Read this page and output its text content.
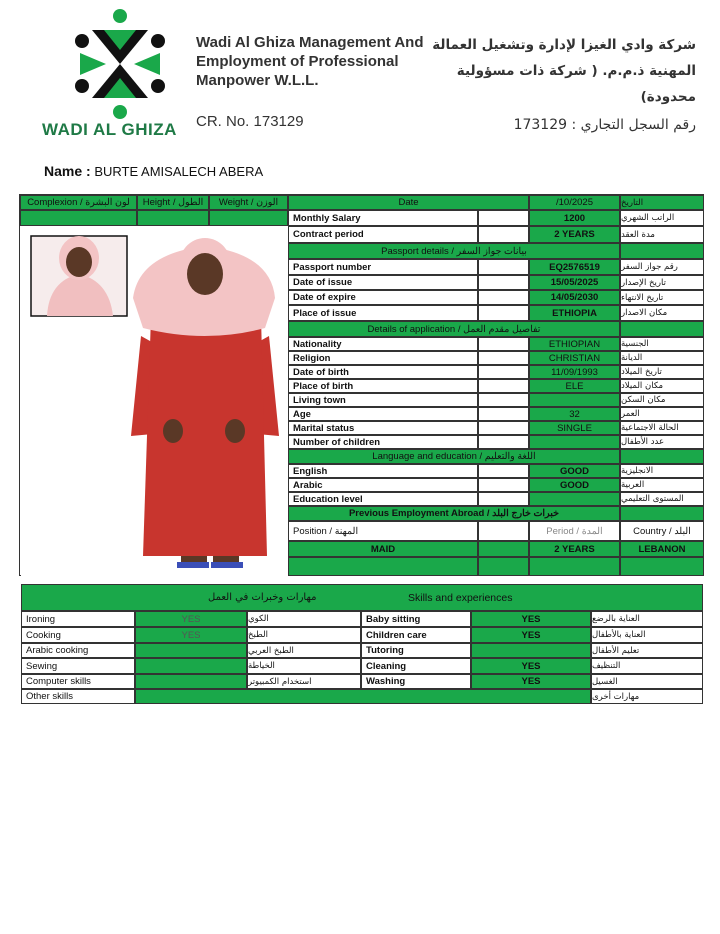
WADI AL GHIZA
Wadi Al Ghiza Management And
Employment of Professional
Manpower W.L.L.
CR. No. 173129
شركة وادي الغيزا لإدارة وتشغيل العمالة
المهنية ذ.م.م. ( شركة ذات مسؤولية
محدودة)
رقم السجل التجاري : 173129
Name : BURTE AMISALECH ABERA
Complexion / لون البشرة	Height / الطول	Weight / الوزن	Date	/10/2025	التاريخ
Monthly Salary	1200	الراتب الشهري
Contract period	2 YEARS	مدة العقد
Passport details / بيانات جواز السفر
Passport number	EQ2576519	رقم جواز السفر
Date of issue	15/05/2025	تاريخ الإصدار
Date of expire	14/05/2030	تاريخ الانتهاء
Place of issue	ETHIOPIA	مكان الاصدار
Details of application / تفاصيل مقدم العمل
Nationality	ETHIOPIAN	الجنسية
Religion	CHRISTIAN	الديانة
Date of birth	11/09/1993	تاريخ الميلاد
Place of birth	ELE	مكان الميلاد
Living town	مكان السكن
Age	32	العمر
Marital status	SINGLE	الحالة الاجتماعية
Number of children	عدد الأطفال
Language and education / اللغة والتعليم
English	GOOD	الانجليزية
Arabic	GOOD	العربية
Education level	المستوى التعليمي
Previous Employment Abroad / خبرات خارج البلد
Position / المهنة	Period / المدة	Country / البلد
MAID	2 YEARS	LEBANON
مهارات وخبرات في العمل	Skills and experiences
Ironing	YES	الكوي	Baby sitting	YES	العناية بالرضع
Cooking	YES	الطبخ	Children care	YES	العناية بالأطفال
Arabic cooking	الطبخ العربي	Tutoring	تعليم الأطفال
Sewing	الخياطة	Cleaning	YES	التنظيف
Computer skills	استخدام الكمبيوتر	Washing	YES	الغسيل
Other skills	مهارات أخرى
